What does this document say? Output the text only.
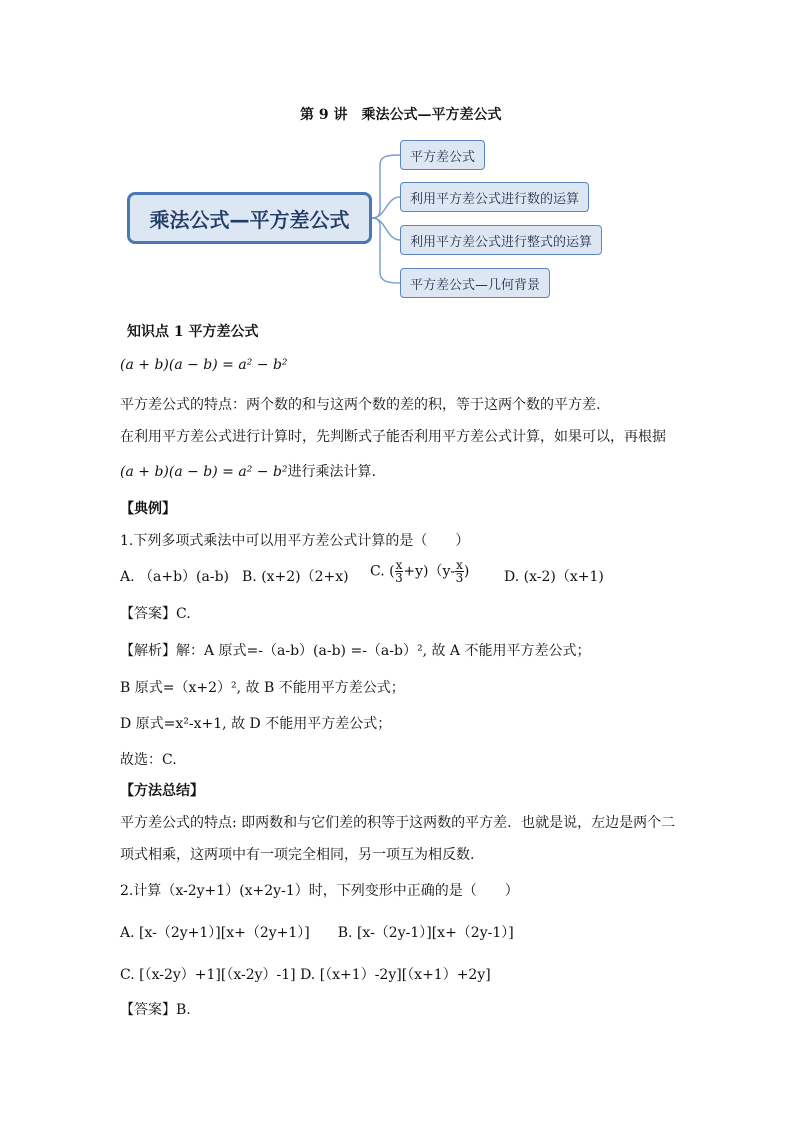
第 9 讲　乘法公式—平方差公式
乘法公式—平方差公式
平方差公式
利用平方差公式进行数的运算
利用平方差公式进行整式的运算
平方差公式—几何背景
知识点 1 平方差公式
(a + b)(a − b) = a² − b²
平方差公式的特点：两个数的和与这两个数的差的积，等于这两个数的平方差.
在利用平方差公式进行计算时，先判断式子能否利用平方差公式计算，如果可以，再根据
(a + b)(a − b) = a² − b²进行乘法计算.
【典例】
1.下列多项式乘法中可以用平方差公式计算的是（　　）
A. （a+b）(a-b) B. (x+2)（2+x) C. ( $\frac{x}{3} +y)(y- \frac{x}{3}$ ) D. (x-2)（x+1)
【答案】C.
【解析】解：A 原式=-（a-b）(a-b) =-（a-b）², 故 A 不能用平方差公式；
B 原式=（x+2）², 故 B 不能用平方差公式；
D 原式=x²-x+1, 故 D 不能用平方差公式；
故选：C.
【方法总结】
平方差公式的特点: 即两数和与它们差的积等于这两数的平方差．也就是说，左边是两个二
项式相乘，这两项中有一项完全相同，另一项互为相反数.
2.计算（x-2y+1）(x+2y-1）时，下列变形中正确的是（　　）
A. [x-（2y+1）][x+（2y+1）]　　B. [x-（2y-1）][x+（2y-1）]
C. [（x-2y）+1][（x-2y）-1] D. [（x+1）-2y][（x+1）+2y]
【答案】B.
